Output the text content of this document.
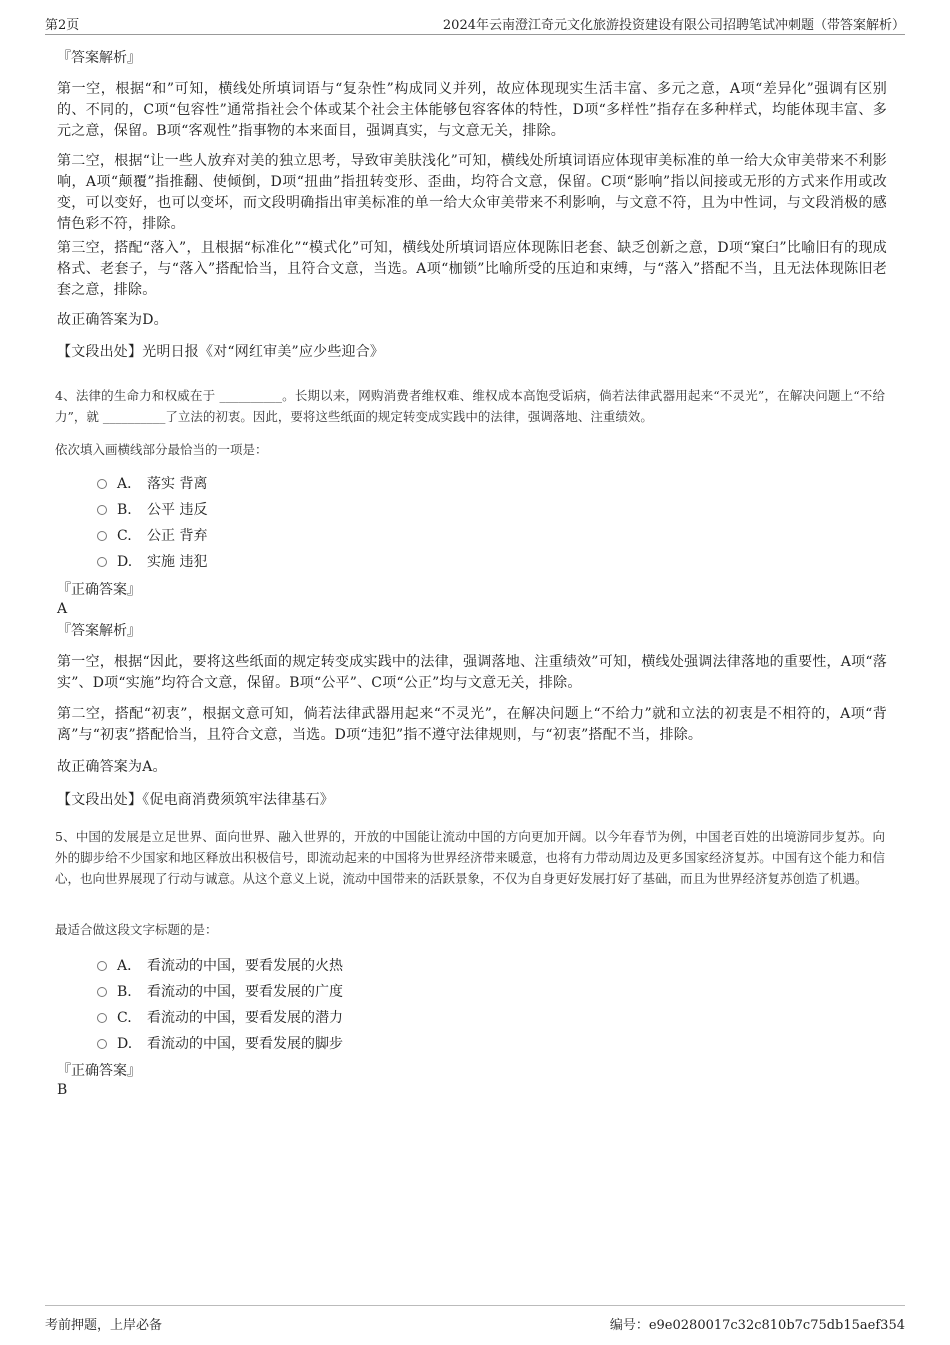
第2页	2024年云南澄江奇元文化旅游投资建设有限公司招聘笔试冲刺题（带答案解析）
『答案解析』
第一空，根据“和”可知，横线处所填词语与“复杂性”构成同义并列，故应体现现实生活丰富、多元之意，A项“差异化”强调有区别的、不同的，C项“包容性”通常指社会个体或某个社会主体能够包容客体的特性，D项“多样性”指存在多种样式，均能体现丰富、多元之意，保留。B项“客观性”指事物的本来面目，强调真实，与文意无关，排除。
第二空，根据“让一些人放弃对美的独立思考，导致审美肤浅化”可知，横线处所填词语应体现审美标准的单一给大众审美带来不利影响，A项“颠覆”指推翻、使倾倒，D项“扭曲”指扭转变形、歪曲，均符合文意，保留。C项“影响”指以间接或无形的方式来作用或改变，可以变好，也可以变坏，而文段明确指出审美标准的单一给大众审美带来不利影响，与文意不符，且为中性词，与文段消极的感情色彩不符，排除。
第三空，搭配“落入”，且根据“标准化”“模式化”可知，横线处所填词语应体现陈旧老套、缺乏创新之意，D项“窠臼”比喻旧有的现成格式、老套子，与“落入”搭配恰当，且符合文意，当选。A项“枷锁”比喻所受的压迫和束缚，与“落入”搭配不当，且无法体现陈旧老套之意，排除。
故正确答案为D。
【文段出处】光明日报《对“网红审美”应少些迎合》
4、法律的生命力和权威在于 __________。长期以来，网购消费者维权难、维权成本高饱受诟病，倘若法律武器用起来“不灵光”，在解决问题上“不给力”，就 __________了立法的初衷。因此，要将这些纸面的规定转变成实践中的法律，强调落地、注重绩效。
依次填入画横线部分最恰当的一项是：
A． 落实 背离
B. 公平 违反
C. 公正 背弃
D. 实施 违犯
『正确答案』
A
『答案解析』
第一空，根据“因此，要将这些纸面的规定转变成实践中的法律，强调落地、注重绩效”可知，横线处强调法律落地的重要性，A项“落实”、D项“实施”均符合文意，保留。B项“公平”、C项“公正”均与文意无关，排除。
第二空，搭配“初衷”，根据文意可知，倘若法律武器用起来“不灵光”，在解决问题上“不给力”就和立法的初衷是不相符的，A项“背离”与“初衷”搭配恰当，且符合文意，当选。D项“违犯”指不遵守法律规则，与“初衷”搭配不当，排除。
故正确答案为A。
【文段出处】《促电商消费须筑牢法律基石》
5、中国的发展是立足世界、面向世界、融入世界的，开放的中国能让流动中国的方向更加开阔。以今年春节为例，中国老百姓的出境游同步复苏。向外的脚步给不少国家和地区释放出积极信号，即流动起来的中国将为世界经济带来暖意，也将有力带动周边及更多国家经济复苏。中国有这个能力和信心，也向世界展现了行动与诚意。从这个意义上说，流动中国带来的活跃景象，不仅为自身更好发展打好了基础，而且为世界经济复苏创造了机遇。
最适合做这段文字标题的是：
A． 看流动的中国，要看发展的火热
B. 看流动的中国，要看发展的广度
C. 看流动的中国，要看发展的潜力
D. 看流动的中国，要看发展的脚步
『正确答案』
B
考前押题，上岸必备	编号：e9e0280017c32c810b7c75db15aef354
